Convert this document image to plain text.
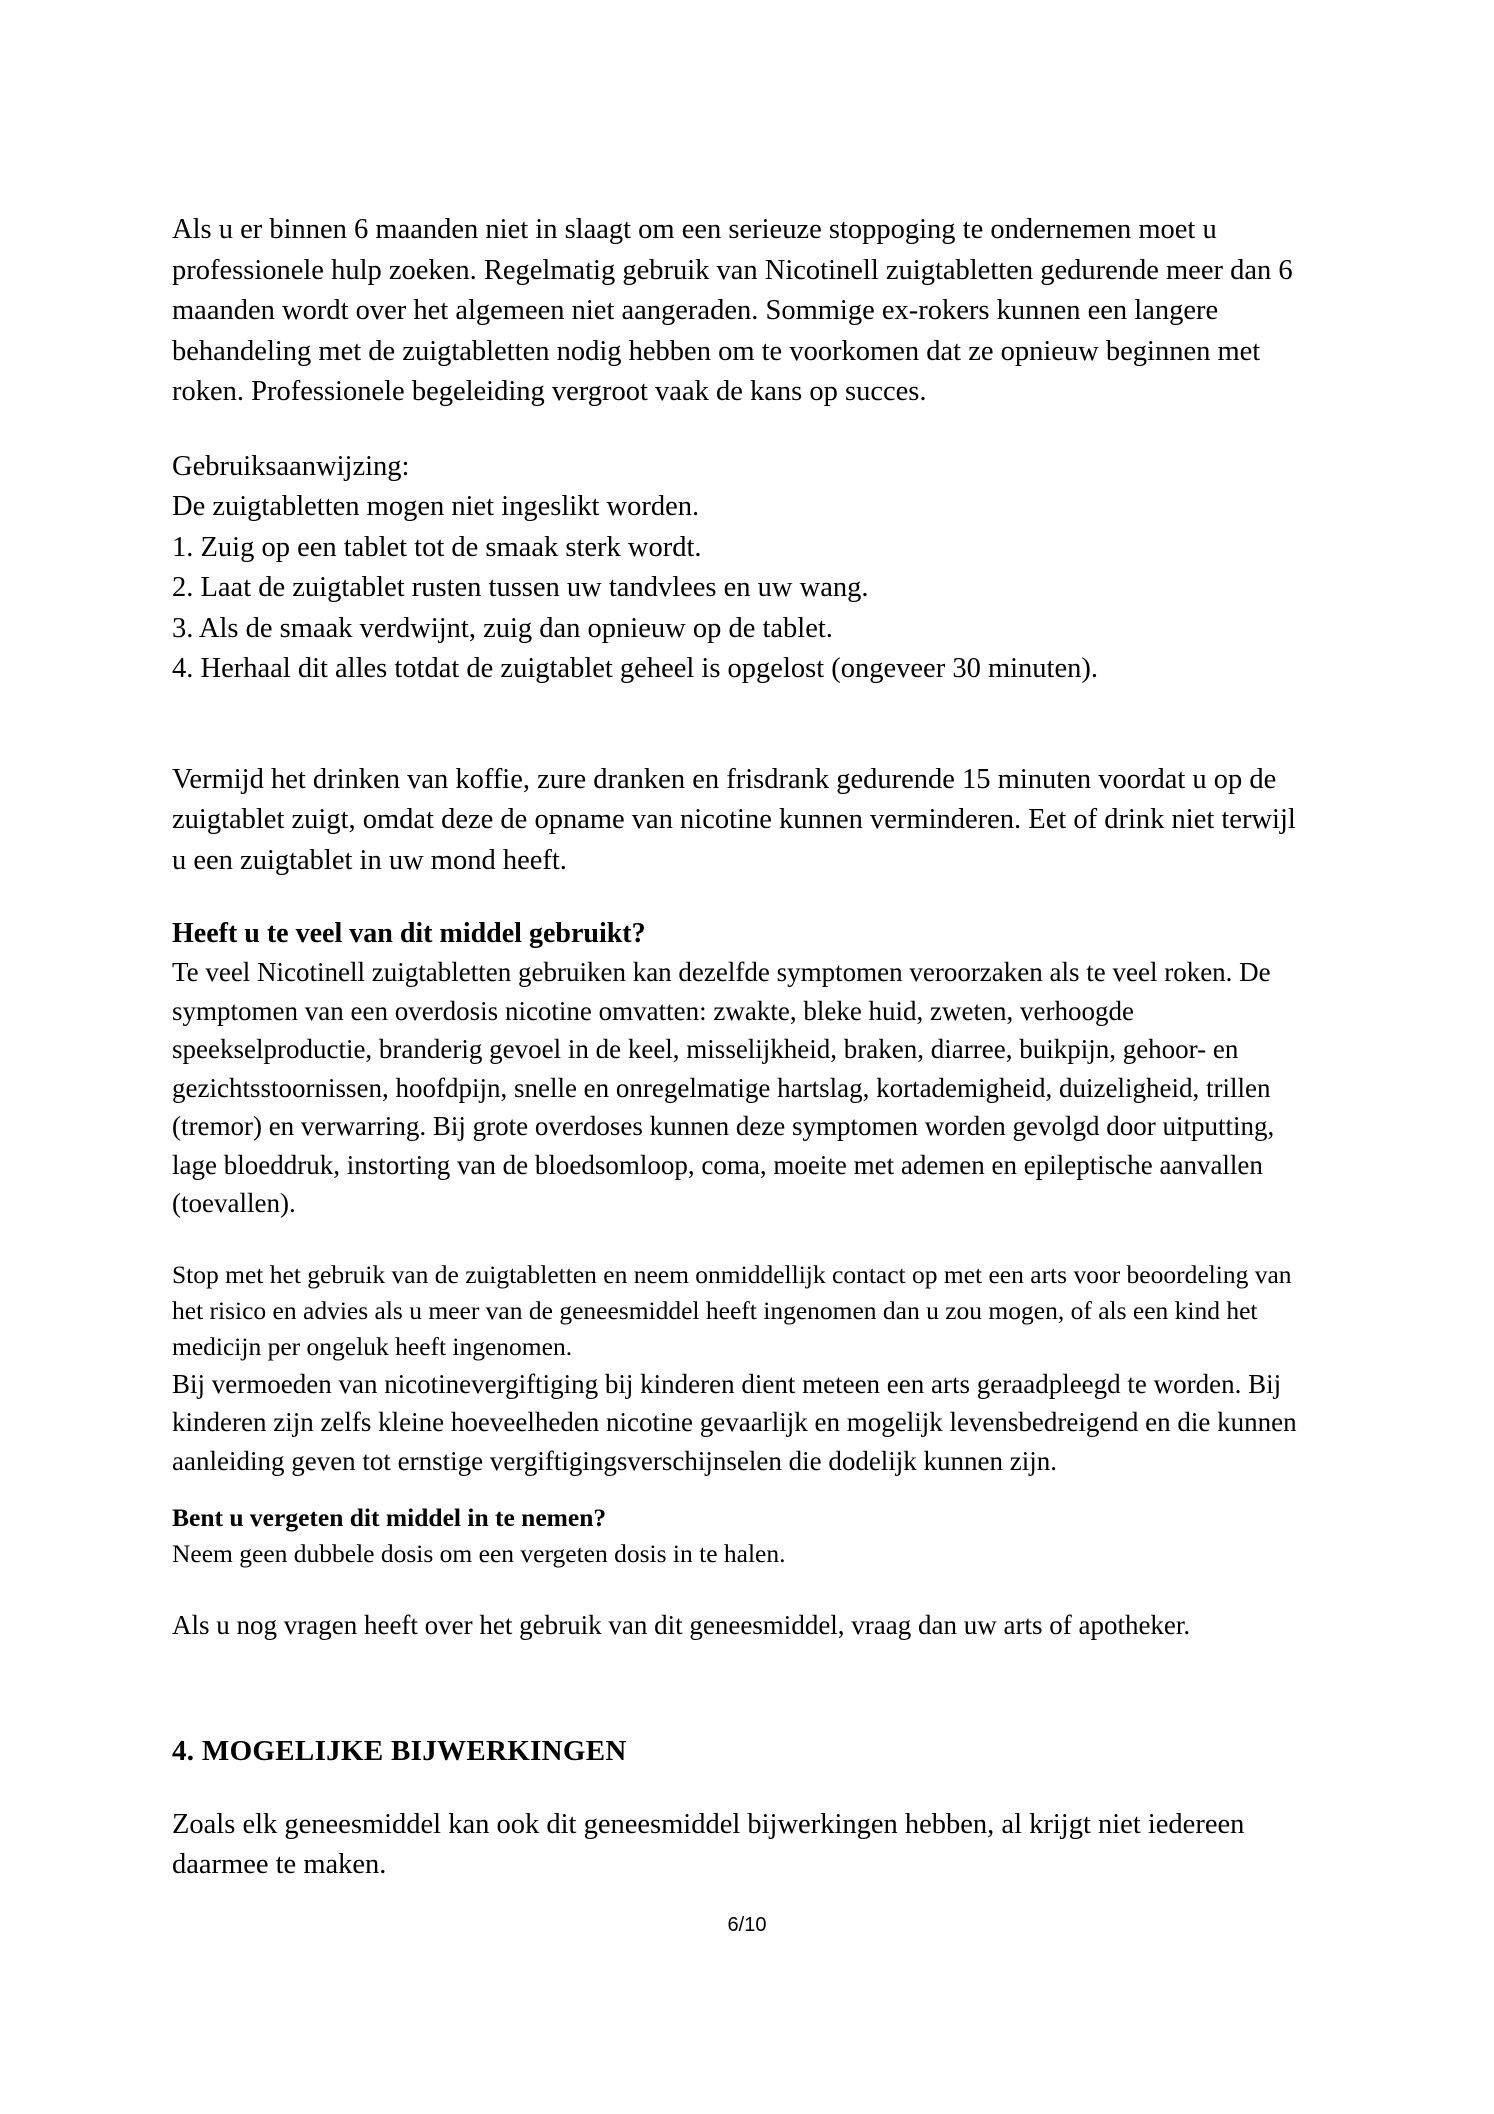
Als u er binnen 6 maanden niet in slaagt om een serieuze stoppoging te ondernemen moet u professionele hulp zoeken. Regelmatig gebruik van Nicotinell zuigtabletten gedurende meer dan 6 maanden wordt over het algemeen niet aangeraden. Sommige ex-rokers kunnen een langere behandeling met de zuigtabletten nodig hebben om te voorkomen dat ze opnieuw beginnen met roken. Professionele begeleiding vergroot vaak de kans op succes.

Gebruiksaanwijzing:

De zuigtabletten mogen niet ingeslikt worden.

1. Zuig op een tablet tot de smaak sterk wordt.

2. Laat de zuigtablet rusten tussen uw tandvlees en uw wang.

3. Als de smaak verdwijnt, zuig dan opnieuw op de tablet.

4. Herhaal dit alles totdat de zuigtablet geheel is opgelost (ongeveer 30 minuten).

Vermijd het drinken van koffie, zure dranken en frisdrank gedurende 15 minuten voordat u op de zuigtablet zuigt, omdat deze de opname van nicotine kunnen verminderen. Eet of drink niet terwijl u een zuigtablet in uw mond heeft.

Heeft u te veel van dit middel gebruikt?

Te veel Nicotinell zuigtabletten gebruiken kan dezelfde symptomen veroorzaken als te veel roken. De symptomen van een overdosis nicotine omvatten: zwakte, bleke huid, zweten, verhoogde speekselproductie, branderig gevoel in de keel, misselijkheid, braken, diarree, buikpijn, gehoor- en gezichtsstoornissen, hoofdpijn, snelle en onregelmatige hartslag, kortademigheid, duizeligheid, trillen (tremor) en verwarring. Bij grote overdoses kunnen deze symptomen worden gevolgd door uitputting, lage bloeddruk, instorting van de bloedsomloop, coma, moeite met ademen en epileptische aanvallen (toevallen).

Stop met het gebruik van de zuigtabletten en neem onmiddellijk contact op met een arts voor beoordeling van het risico en advies als u meer van de geneesmiddel heeft ingenomen dan u zou mogen, of als een kind het medicijn per ongeluk heeft ingenomen.

Bij vermoeden van nicotinevergiftiging bij kinderen dient meteen een arts geraadpleegd te worden. Bij kinderen zijn zelfs kleine hoeveelheden nicotine gevaarlijk en mogelijk levensbedreigend en die kunnen aanleiding geven tot ernstige vergiftigingsverschijnselen die dodelijk kunnen zijn.

Bent u vergeten dit middel in te nemen?

Neem geen dubbele dosis om een vergeten dosis in te halen.

Als u nog vragen heeft over het gebruik van dit geneesmiddel, vraag dan uw arts of apotheker.

4. MOGELIJKE BIJWERKINGEN

Zoals elk geneesmiddel kan ook dit geneesmiddel bijwerkingen hebben, al krijgt niet iedereen daarmee te maken.

6/10
